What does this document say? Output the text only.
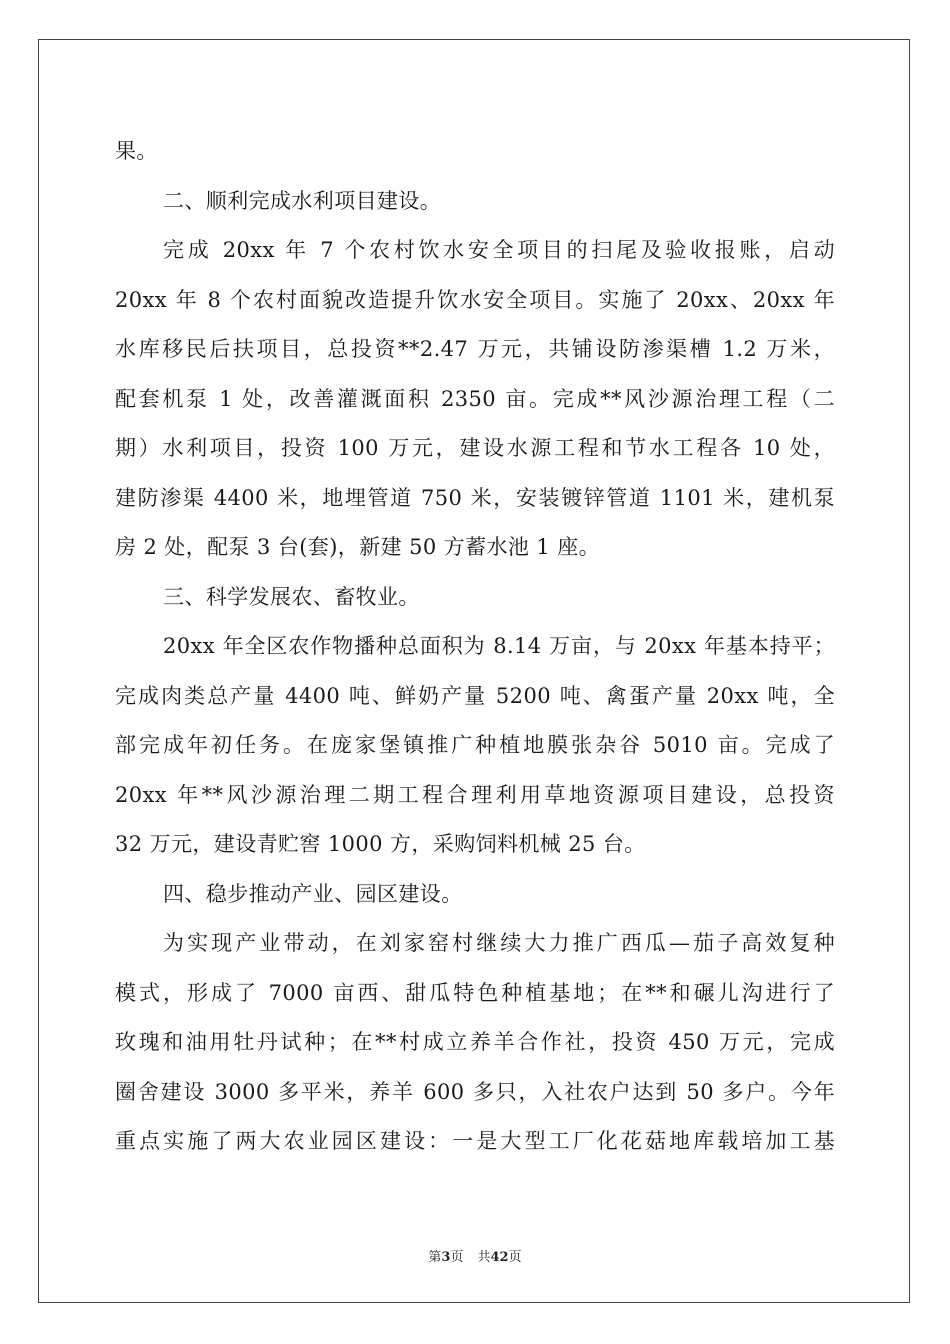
果。
二、顺利完成水利项目建设。
完成 20xx 年 7 个农村饮水安全项目的扫尾及验收报账，启动
20xx 年 8 个农村面貌改造提升饮水安全项目。实施了 20xx、20xx 年
水库移民后扶项目，总投资**2.47 万元，共铺设防渗渠槽 1.2 万米，
配套机泵 1 处，改善灌溉面积 2350 亩。完成**风沙源治理工程（二
期）水利项目，投资 100 万元，建设水源工程和节水工程各 10 处，
建防渗渠 4400 米，地埋管道 750 米，安装镀锌管道 1101 米，建机泵
房 2 处，配泵 3 台(套)，新建 50 方蓄水池 1 座。
三、科学发展农、畜牧业。
20xx 年全区农作物播种总面积为 8.14 万亩，与 20xx 年基本持平；
完成肉类总产量 4400 吨、鲜奶产量 5200 吨、禽蛋产量 20xx 吨，全
部完成年初任务。在庞家堡镇推广种植地膜张杂谷 5010 亩。完成了
20xx 年**风沙源治理二期工程合理利用草地资源项目建设，总投资
32 万元，建设青贮窖 1000 方，采购饲料机械 25 台。
四、稳步推动产业、园区建设。
为实现产业带动，在刘家窑村继续大力推广西瓜—茄子高效复种
模式，形成了 7000 亩西、甜瓜特色种植基地；在**和碾儿沟进行了
玫瑰和油用牡丹试种；在**村成立养羊合作社，投资 450 万元，完成
圈舍建设 3000 多平米，养羊 600 多只，入社农户达到 50 多户。今年
重点实施了两大农业园区建设：一是大型工厂化花菇地库载培加工基
第3页 共42页
